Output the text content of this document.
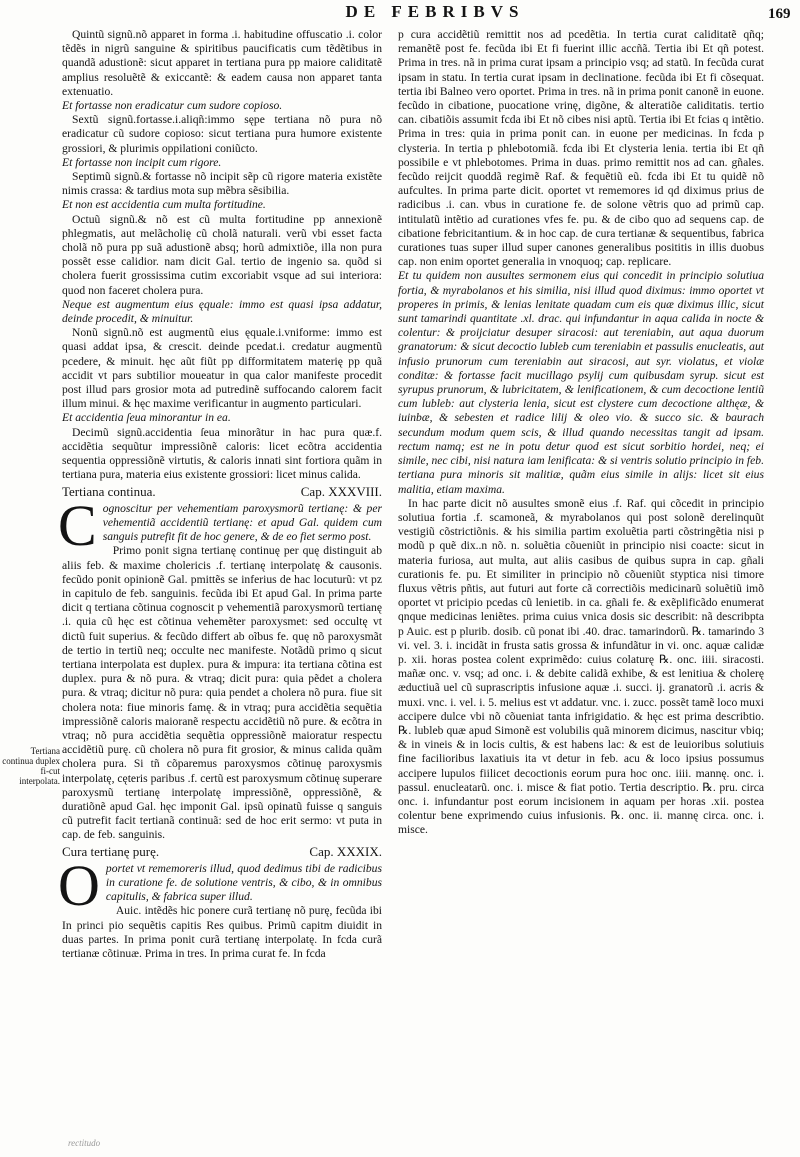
DE FEBRIBVS	169

Quintũ signũ.nõ apparet in forma .i. habitudine offuscatio .i. color tẽdẽs in nigrũ sanguine & spiritibus paucificatis cum tẽdẽtibus in quandã adustionẽ: sicut apparet in tertiana pura pp maiore caliditatẽ amplius resoluẽtẽ & exiccantẽ: & eadem causa non apparet tanta extenuatio.

Et fortasse non eradicatur cum sudore copioso.

Sextũ signũ.fortasse.i.aliqñ:immo sępe tertiana nõ pura nõ eradicatur cũ sudore copioso: sicut tertiana pura humore existente grossiori, & plurimis oppilationi coniũcto.

Et fortasse non incipit cum rigore.

Septimũ signũ.& fortasse nõ incipit sẽp cũ rigore materia existẽte nimis crassa: & tardius mota sup mẽbra sẽsibilia.

Et non est accidentia cum multa fortitudine.

Octuũ signũ.& nõ est cũ multa fortitudine pp annexionẽ phlegmatis, aut melãcholię cũ cholã naturali. verũ vbi esset facta cholã nõ pura pp suã adustionẽ absq; horũ admixtiõe, illa non pura possẽt esse calidior. nam dicit Gal. tertio de ingenio sa. quõd si cholera fuerit grossissima cutim excoriabit vsque ad sui interiora: quod non faceret cholera pura.

Neque est augmentum eius ęquale: immo est quasi ipsa addatur, deinde procedit, & minuitur.

Nonũ signũ.nõ est augmentũ eius ęquale.i.vniforme: immo est quasi addat ipsa, & crescit. deinde pcedat.i. credatur augmentũ pcedere, & minuit. hęc aũt fiũt pp difformitatem materię pp quã accidit vt pars subtilior moueatur in qua calor manifeste procedit post illud pars grosior mota ad putredinẽ suffocando calorem facit illum minui. & hęc maxime verificantur in augmento particulari.

Et accidentia ſeua minorantur in ea.

Decimũ signũ.accidentia ſeua minorãtur in hac pura quæ.f. accidẽtia sequũtur impressiõnẽ caloris: licet ecõtra accidentia sequentia oppressiõnẽ virtutis, & caloris innati sint fortiora quãm in tertiana pura, materia eius existente grossiori: licet minus calida.

Tertiana continua.	Cap. XXXVIII.
C ognoscitur per vehementiam paroxysmorũ tertianę: & per vehementiã accidentiũ tertianę: et apud Gal. quidem cum sanguis putrefit fit de hoc genere, & de eo fiet sermo post.

Primo ponit signa tertianę continuę per quę distinguit ab aliis feb. & maxime cholericis .f. tertianę interpolatę & causonis. fecũdo ponit opinionẽ Gal. pmittẽs se inferius de hac locuturũ: vt pz in capitulo de feb. sanguinis. fecũda ibi Et apud Gal. In prima parte dicit q tertiana cõtinua cognoscit p vehementiã paroxysmorũ tertianę .i. quia cũ hęc est cõtinua vehemẽter paroxysmet: sed occultę vt dictũ fuit superius. & fecũdo differt ab oĩbus fe. quę nõ paroxysmãt de tertio in tertiũ neq; occulte nec manifeste. Notãdũ primo q sicut tertiana interpolata est duplex. pura & impura: ita tertiana cõtina est duplex. pura & nõ pura. & vtraq; dicit pura: quia pẽdet a cholera pura. & vtraq; dicitur nõ pura: quia pendet a cholera nõ pura. fiue sit cholera nota: fiue minoris famę. & in vtraq; pura accidẽtia sequẽtia impressiõnẽ caloris maioranẽ respectu accidẽtiũ nõ pure. & ecõtra in vtraq; nõ pura accidẽtia sequẽtia oppressiõnẽ maioratur respectu accidẽtiũ purę. cũ cholera nõ pura fit grosior, & minus calida quãm cholera pura. Si tñ cõparemus paroxysmos cõtinuę paroxysmis interpolatę, cęteris paribus .f. certũ est paroxysmum cõtinuę superare paroxysmũ tertianę interpolatę impressiõnẽ, oppressiõnẽ, & duratiõnẽ apud Gal. hęc imponit Gal. ipsũ opinatũ fuisse q sanguis cũ putrefit facit tertianã continuã: sed de hoc erit sermo: vt puta in cap. de feb. sanguinis.

Cura tertianę purę.	Cap. XXXIX.
O portet vt rememoreris illud, quod dedimus tibi de radicibus in curatione fe. de solutione ventris, & cibo, & in omnibus capitulis, & fabrica super illud.

Auic. intẽdẽs hic ponere curã tertianę nõ purę, fecũda ibi In princi pio sequẽtis capitis Res quibus. Primũ capitm diuidit in duas partes. In prima ponit curã tertianę interpolatę. In fcda curã tertianæ cõtinuæ. Prima in tres. In prima curat fe. In fcda

Tertiana continua duplex fi-cut interpolata.

p cura accidẽtiũ remittit nos ad pcedẽtia. In tertia curat caliditatẽ qñq; remanẽtẽ post fe. fecũda ibi Et fi fuerint illic accñã. Tertia ibi Et qñ potest. Prima in tres. nã in prima curat ipsam a principio vsq; ad statũ. In fecũda curat ipsam in statu. In tertia curat ipsam in declinatione. fecũda ibi Et fi cõsequat. tertia ibi Balneo vero oportet. Prima in tres. nã in prima ponit canonẽ in euone. fecũdo in cibatione, puocatione vrinę, digõne, & alteratiõe caliditatis. tertio can. cibatiõis assumit fcda ibi Et nõ cibes nisi aptũ. Tertia ibi Et fcias q intẽtio. Prima in tres: quia in prima ponit can. in euone per medicinas. In fcda p clysteria. In tertia p phlebotomiã. fcda ibi Et clysteria lenia. tertia ibi Et qñ possibile e vt phlebotomes. Prima in duas. primo remittit nos ad can. gñales. fecũdo reijcit quoddã regimẽ Raf. & fequẽtiũ eũ. fcda ibi Et tu quidẽ nõ aufcultes. In prima parte dicit. oportet vt rememores id qd diximus prius de radicibus .i. can. vbus in curatione fe. de solone vẽtris quo ad primũ cap. intitulatũ intẽtio ad curationes vfes fe. pu. & de cibo quo ad sequens cap. de cibatione febricitantium. & in hoc cap. de cura tertianæ & sequentibus, fabrica curationes tuas super illud super canones generalibus posititis in illis duobus cap. non enim oportet generalia in vnoquoq; cap. replicare.

Et tu quidem non ausultes sermonem eius qui concedit in principio solutiua fortia, & myrabolanos et his similia, nisi illud quod diximus: immo oportet vt properes in primis, & lenias lenitate quadam cum eis quæ diximus illic, sicut sunt tamarindi quantitate .xl. drac. qui infundantur in aqua calida in nocte & colentur: & proijciatur desuper siracosi: aut tereniabin, aut aqua duorum granatorum: & sicut decoctio lubleb cum tereniabin et passulis enucleatis, aut infusio prunorum cum tereniabin aut siracosi, aut syr. violatus, et violæ conditæ: & fortasse facit mucillago psylij cum quibusdam syrup. sicut est syrupus prunorum, & lubricitatem, & lenificationem, & cum decoctione lentiũ cum lubleb: aut clysteria lenia, sicut est clystere cum decoctione althęæ, & iuinbæ, & sebesten et radice lilij & oleo vio. & succo sic. & baurach secundum modum quem scis, & illud quando necessitas tangit ad ipsam. rectum namq; est ne in potu detur quod est sicut sorbitio hordei, neq; ei simile, nec cibi, nisi natura iam lenificata: & si ventris solutio principio in feb. tertiana pura minoris sit malitiæ, quãm eius simile in alijs: licet sit eius malitia, etiam maxima.

In hac parte dicit nõ ausultes smonẽ eius .f. Raf. qui cõcedit in principio solutiua fortia .f. scamoneã, & myrabolanos qui post solonẽ derelinquũt vestigiũ cõstrictiõnis. & his similia partim exoluẽtia parti cõstringẽtia nisi p modũ p quẽ dix..n nõ. n. soluẽtia cõueniũt in principio nisi coacte: sicut in materia furiosa, aut multa, aut aliis casibus de quibus supra in cap. gñali curationis fe. pu. Et similiter in principio nõ cõueniũt styptica nisi timore fluxus vẽtris pñtis, aut futuri aut forte cã correctiõis medicinarũ soluẽtiũ imõ oportet vt pricipio pcedas cũ lenietib. in ca. gñali fe. & exẽplificãdo enumerat qnque medicinas leniẽtes. prima cuius vnica dosis sic describit: nã describpta p Auic. est p plurib. dosib. cũ ponat ibi .40. drac. tamarindorũ. ℞. tamarindo 3 vi. vel. 3. i. incidãt in frusta satis grossa & infundãtur in vi. onc. aquæ calidæ p. xii. horas postea colent exprimẽdo: cuius colaturę ℞. onc. iiii. siracosti. mañæ onc. v. vsq; ad onc. i. & debite calidã exhibe, & est lenitiua & cholerę æductiuã uel cũ suprascriptis infusione aquæ .i. succi. ij. granatorũ .i. acris & muxi. vnc. i. vel. i. 5. melius est vt addatur. vnc. i. zucc. possẽt tamẽ loco muxi accipere dulce vbi nõ cõueniat tanta infrigidatio. & hęc est prima describtio. ℞. lubleb quæ apud Simonẽ est volubilis quã minorem dicimus, nascitur vbiq; & in vineis & in locis cultis, & est habens lac: & est de leuioribus solutiuis fine facilioribus laxatiuis ita vt detur in feb. acu & loco ipsius possumus accipere lupulos fiilicet decoctionis eorum pura hoc onc. iiii. mannę. onc. i. passul. enucleatarũ. onc. i. misce & fiat potio. Tertia descriptio. ℞. pru. circa onc. i. infundantur post eorum incisionem in aquam per horas .xii. postea colentur bene exprimendo cuius infusionis. ℞. onc. ii. mannę circa. onc. i. misce.

rectitudo
